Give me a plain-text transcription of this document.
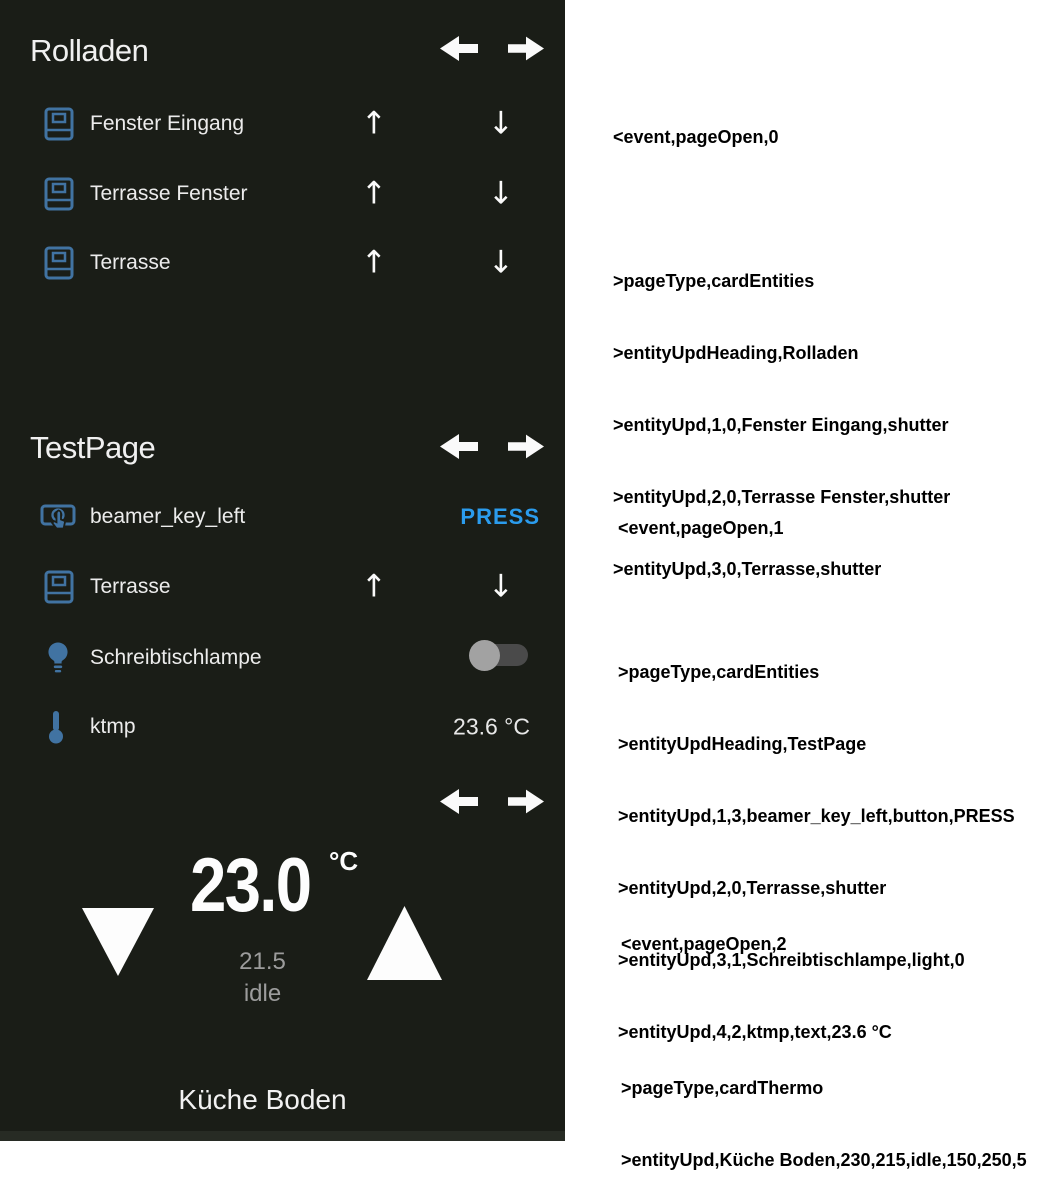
Rolladen
Fenster Eingang	↑	↓
Terrasse Fenster	↑	↓
Terrasse	↑	↓
TestPage
beamer_key_left	PRESS
Terrasse	↑	↓
Schreibtischlampe
ktmp	23.6 °C
23.0 °C
21.5
idle
Küche Boden

<event,pageOpen,0

>pageType,cardEntities

>entityUpdHeading,Rolladen

>entityUpd,1,0,Fenster Eingang,shutter

>entityUpd,2,0,Terrasse Fenster,shutter

>entityUpd,3,0,Terrasse,shutter

<event,pageOpen,1

>pageType,cardEntities

>entityUpdHeading,TestPage

>entityUpd,1,3,beamer_key_left,button,PRESS

>entityUpd,2,0,Terrasse,shutter

>entityUpd,3,1,Schreibtischlampe,light,0

>entityUpd,4,2,ktmp,text,23.6 °C

<event,pageOpen,2

>pageType,cardThermo

>entityUpd,Küche Boden,230,215,idle,150,250,5
